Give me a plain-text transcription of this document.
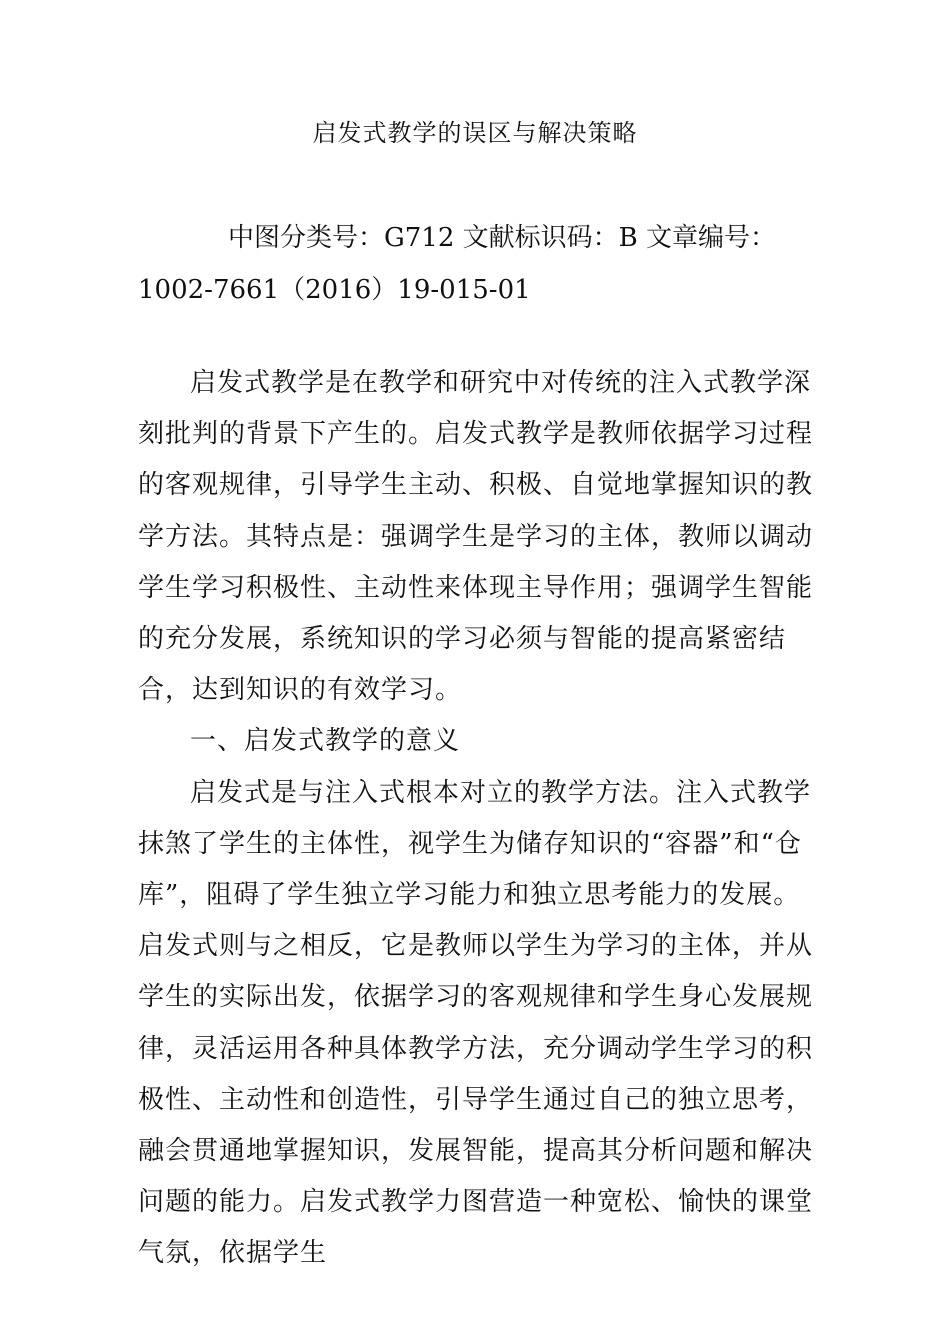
启发式教学的误区与解决策略
中图分类号：G712 文献标识码：B 文章编号：
1002-7661（2016）19-015-01

启发式教学是在教学和研究中对传统的注入式教学深刻批判的背景下产生的。启发式教学是教师依据学习过程的客观规律，引导学生主动、积极、自觉地掌握知识的教学方法。其特点是：强调学生是学习的主体，教师以调动学生学习积极性、主动性来体现主导作用；强调学生智能的充分发展，系统知识的学习必须与智能的提高紧密结合，达到知识的有效学习。

一、启发式教学的意义

启发式是与注入式根本对立的教学方法。注入式教学抹煞了学生的主体性，视学生为储存知识的“容器”和“仓库”，阻碍了学生独立学习能力和独立思考能力的发展。启发式则与之相反，它是教师以学生为学习的主体，并从学生的实际出发，依据学习的客观规律和学生身心发展规律，灵活运用各种具体教学方法，充分调动学生学习的积极性、主动性和创造性，引导学生通过自己的独立思考，融会贯通地掌握知识，发展智能，提高其分析问题和解决问题的能力。启发式教学力图营造一种宽松、愉快的课堂气氛，依据学生
